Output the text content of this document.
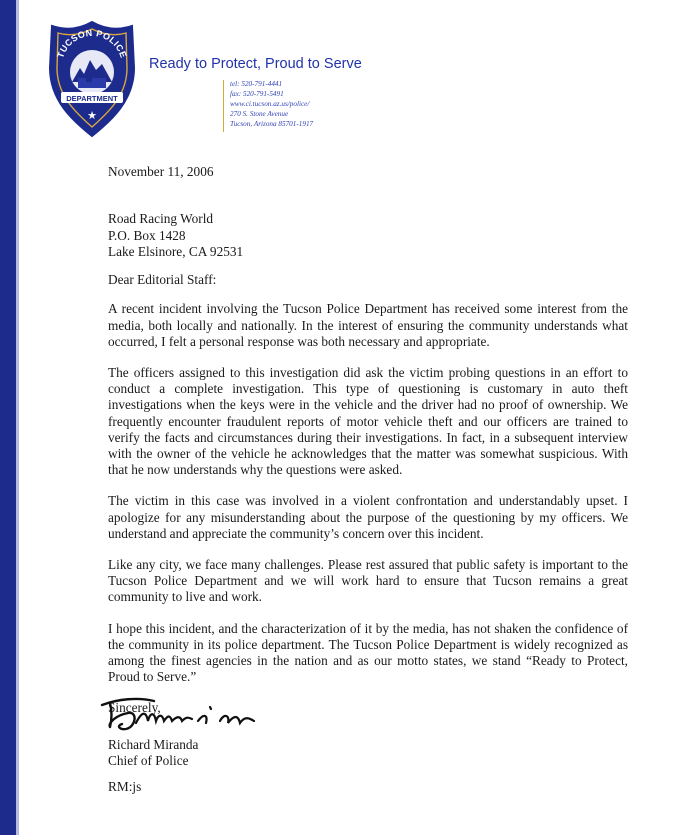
TUCSON POLICE
DEPARTMENT
★
Ready to Protect, Proud to Serve
tel: 520-791-4441
fax: 520-791-5491
www.ci.tucson.az.us/police/
270 S. Stone Avenue
Tucson, Arizona 85701-1917

November 11, 2006

Road Racing World
P.O. Box 1428
Lake Elsinore, CA 92531

Dear Editorial Staff:

A recent incident involving the Tucson Police Department has received some interest from the media, both locally and nationally. In the interest of ensuring the community understands what occurred, I felt a personal response was both necessary and appropriate.

The officers assigned to this investigation did ask the victim probing questions in an effort to conduct a complete investigation. This type of questioning is customary in auto theft investigations when the keys were in the vehicle and the driver had no proof of ownership. We frequently encounter fraudulent reports of motor vehicle theft and our officers are trained to verify the facts and circumstances during their investigations. In fact, in a subsequent interview with the owner of the vehicle he acknowledges that the matter was somewhat suspicious. With that he now understands why the questions were asked.

The victim in this case was involved in a violent confrontation and understandably upset. I apologize for any misunderstanding about the purpose of the questioning by my officers. We understand and appreciate the community’s concern over this incident.

Like any city, we face many challenges. Please rest assured that public safety is important to the Tucson Police Department and we will work hard to ensure that Tucson remains a great community to live and work.

I hope this incident, and the characterization of it by the media, has not shaken the confidence of the community in its police department. The Tucson Police Department is widely recognized as among the finest agencies in the nation and as our motto states, we stand “Ready to Protect, Proud to Serve.”

Sincerely,

Richard Miranda
Chief of Police
RM:js
